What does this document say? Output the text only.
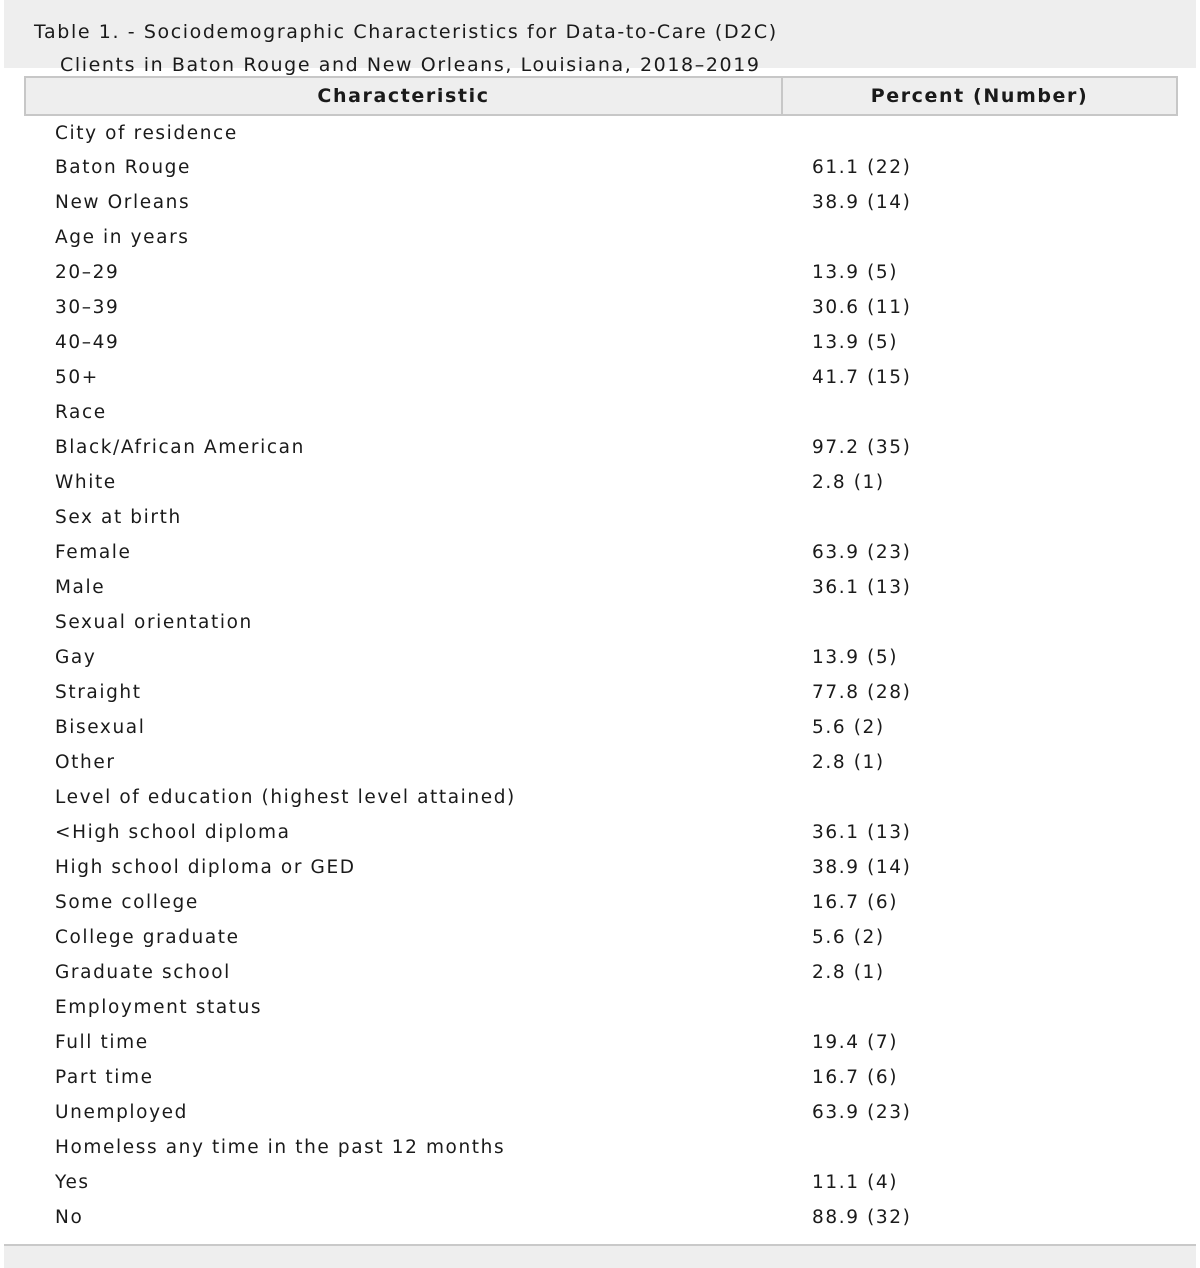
Table 1. - Sociodemographic Characteristics for Data-to-Care (D2C)

Clients in Baton Rouge and New Orleans, Louisiana, 2018–2019

Characteristic	Percent (Number)
City of residence	
Baton Rouge	61.1 (22)
New Orleans	38.9 (14)
Age in years	
20–29	13.9 (5)
30–39	30.6 (11)
40–49	13.9 (5)
50+	41.7 (15)
Race	
Black/African American	97.2 (35)
White	2.8 (1)
Sex at birth	
Female	63.9 (23)
Male	36.1 (13)
Sexual orientation	
Gay	13.9 (5)
Straight	77.8 (28)
Bisexual	5.6 (2)
Other	2.8 (1)
Level of education (highest level attained)	
<High school diploma	36.1 (13)
High school diploma or GED	38.9 (14)
Some college	16.7 (6)
College graduate	5.6 (2)
Graduate school	2.8 (1)
Employment status	
Full time	19.4 (7)
Part time	16.7 (6)
Unemployed	63.9 (23)
Homeless any time in the past 12 months	
Yes	11.1 (4)
No	88.9 (32)
